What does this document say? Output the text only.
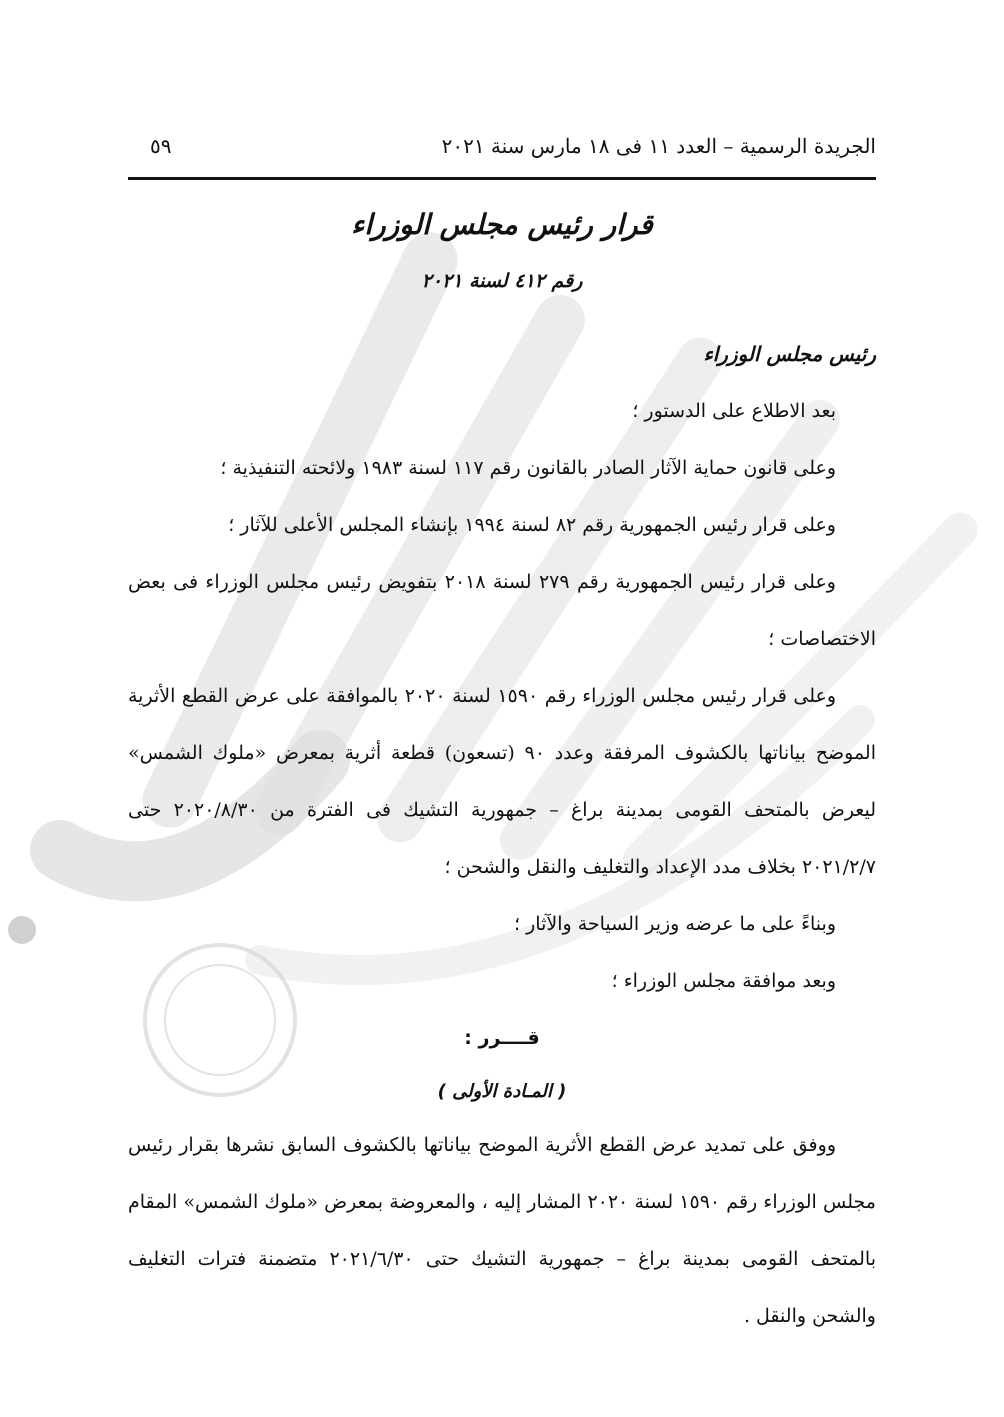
الجريدة الرسمية – العدد ١١ فى ١٨ مارس سنة ٢٠٢١
٥٩
قرار رئيس مجلس الوزراء
رقم ٤١٢ لسنة ٢٠٢١

رئيس مجلس الوزراء

بعد الاطلاع على الدستور ؛

وعلى قانون حماية الآثار الصادر بالقانون رقم ١١٧ لسنة ١٩٨٣ ولائحته التنفيذية ؛

وعلى قرار رئيس الجمهورية رقم ٨٢ لسنة ١٩٩٤ بإنشاء المجلس الأعلى للآثار ؛

وعلى قرار رئيس الجمهورية رقم ٢٧٩ لسنة ٢٠١٨ بتفويض رئيس مجلس الوزراء فى بعض الاختصاصات ؛

وعلى قرار رئيس مجلس الوزراء رقم ١٥٩٠ لسنة ٢٠٢٠ بالموافقة على عرض القطع الأثرية الموضح بياناتها بالكشوف المرفقة وعدد ٩٠ (تسعون) قطعة أثرية بمعرض «ملوك الشمس» ليعرض بالمتحف القومى بمدينة براغ – جمهورية التشيك فى الفترة من ٢٠٢٠/٨/٣٠ حتى ٢٠٢١/٢/٧ بخلاف مدد الإعداد والتغليف والنقل والشحن ؛

وبناءً على ما عرضه وزير السياحة والآثار ؛

وبعد موافقة مجلس الوزراء ؛

قــــرر :

( المـادة الأولى )

ووفق على تمديد عرض القطع الأثرية الموضح بياناتها بالكشوف السابق نشرها بقرار رئيس مجلس الوزراء رقم ١٥٩٠ لسنة ٢٠٢٠ المشار إليه ، والمعروضة بمعرض «ملوك الشمس» المقام بالمتحف القومى بمدينة براغ – جمهورية التشيك حتى ٢٠٢١/٦/٣٠ متضمنة فترات التغليف والشحن والنقل .
